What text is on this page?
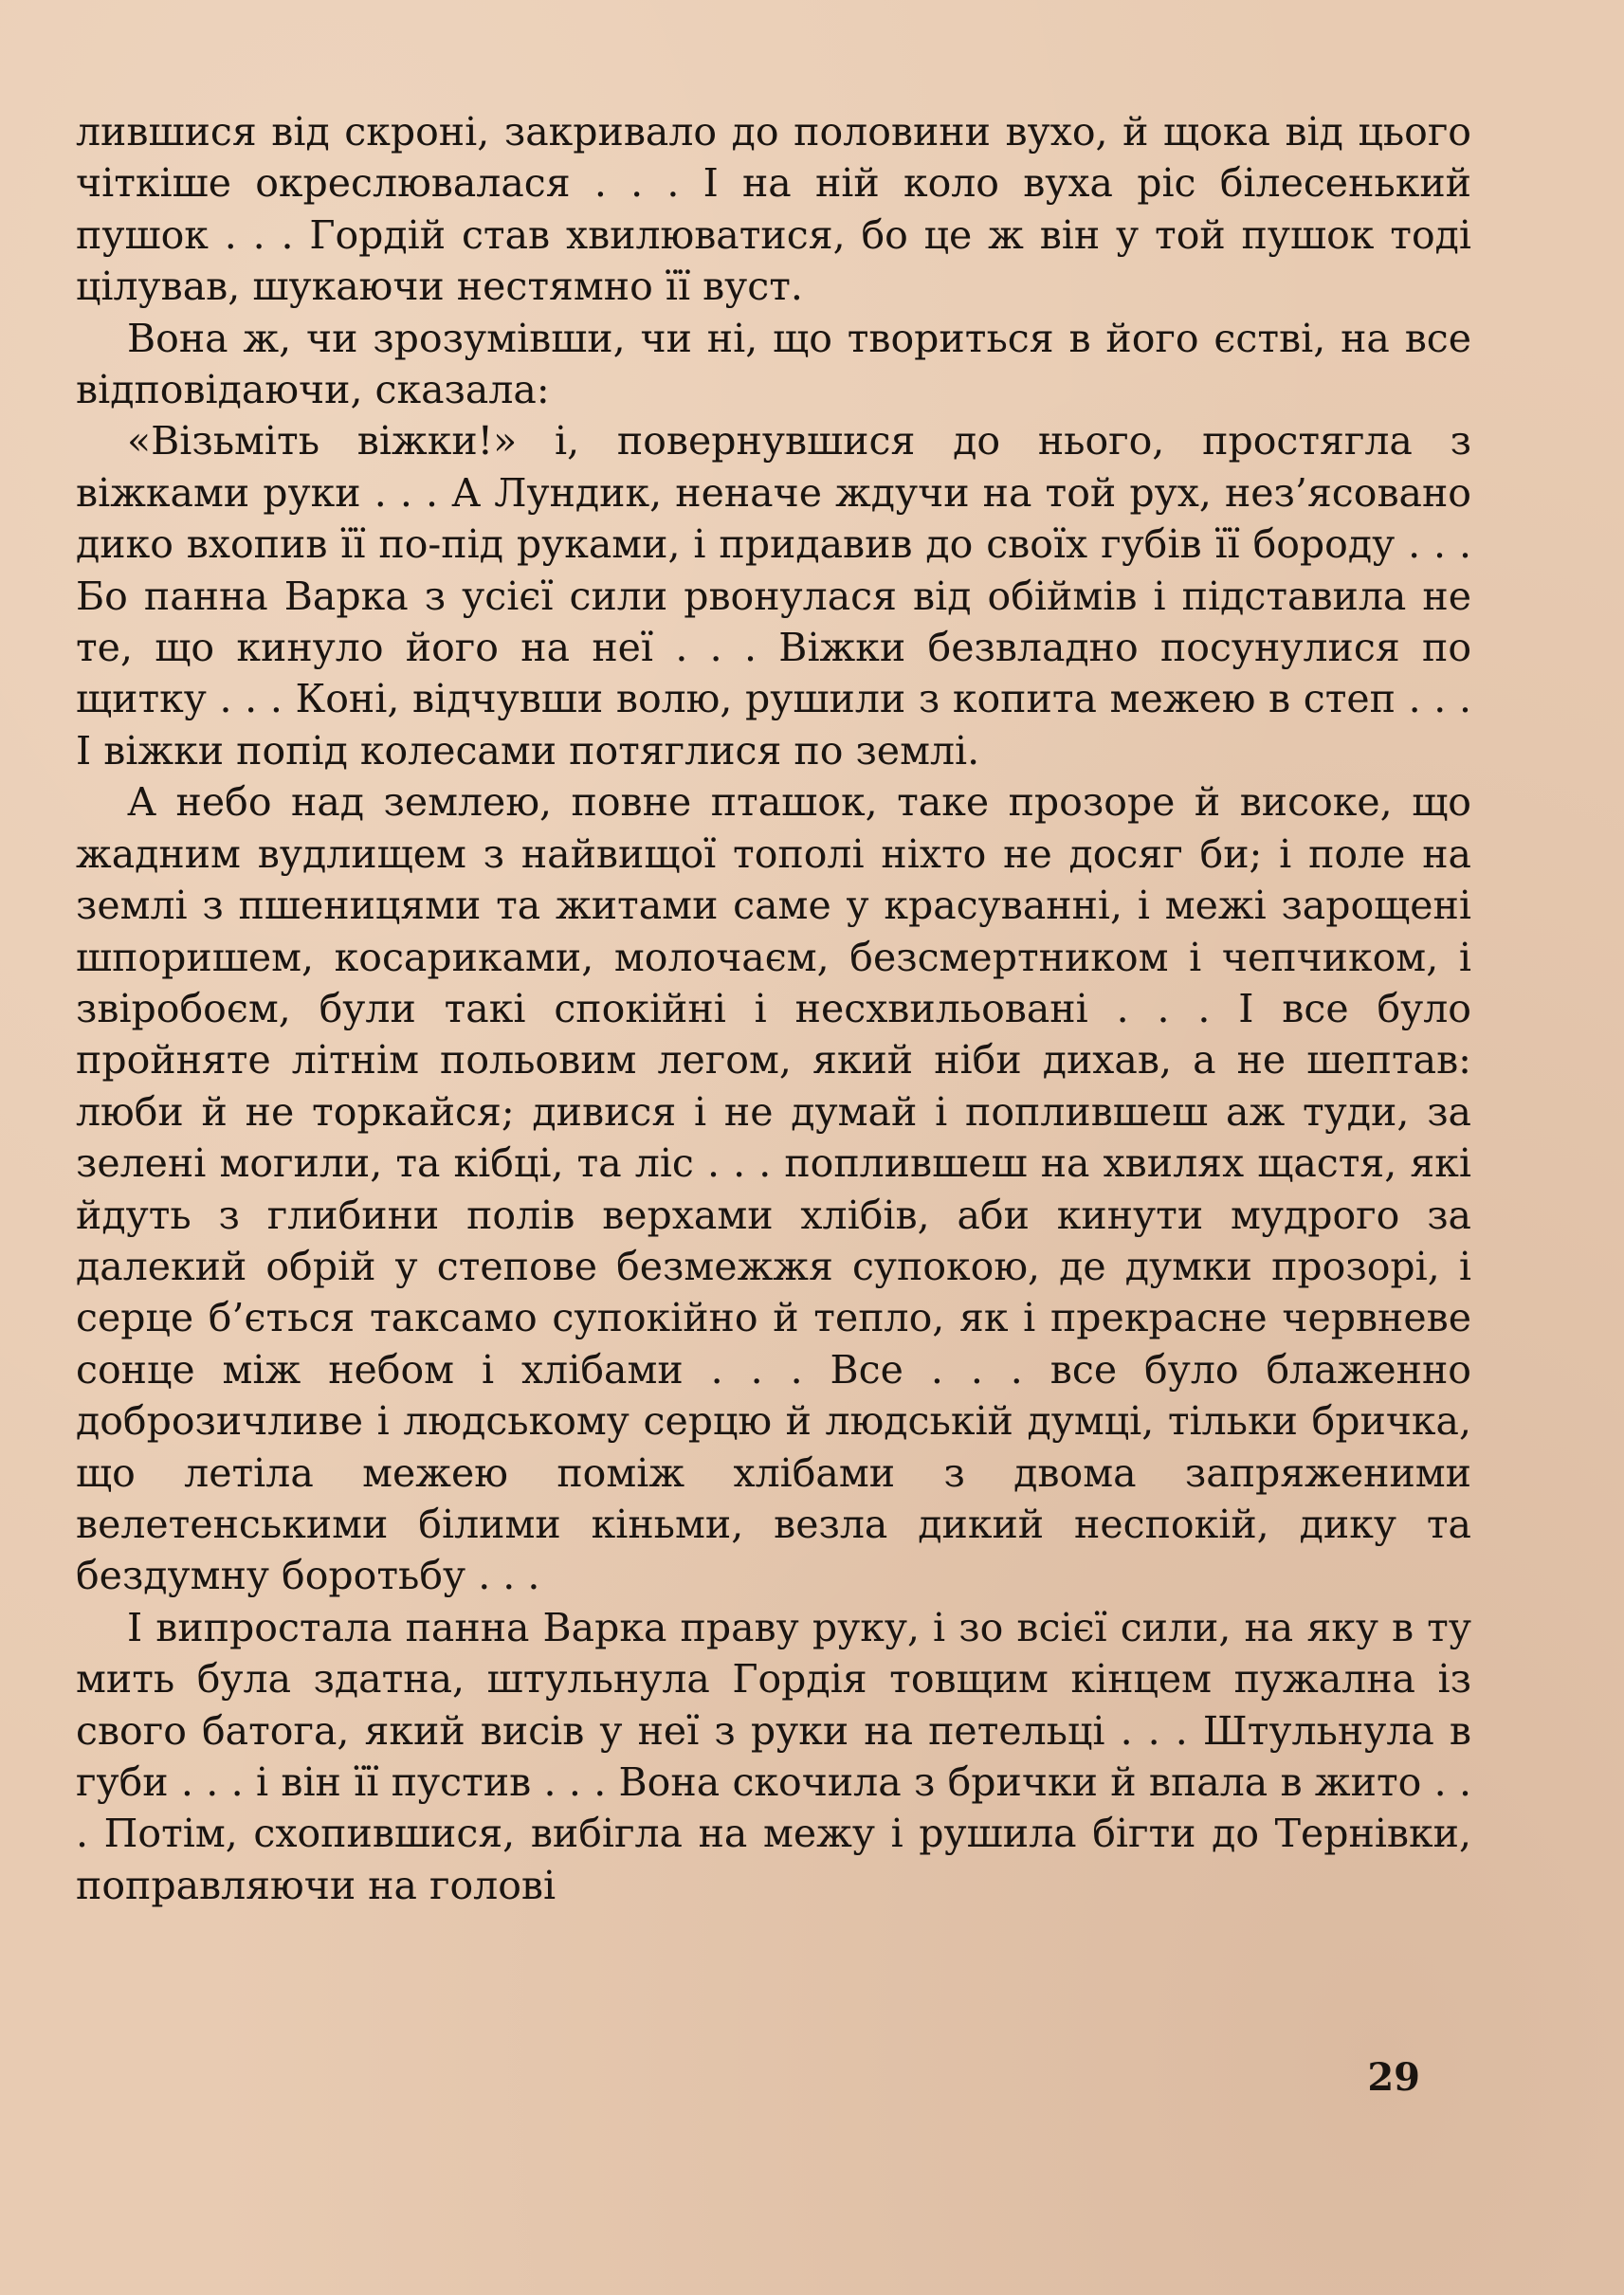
лившися від скроні, закривало до половини вухо, й щока від цього чіткіше окреслювалася . . . І на ній коло вуха ріс білесенький пушок . . . Гордій став хвилюватися, бо це ж він у той пушок тоді цілував, шукаючи нестямно її вуст.

Вона ж, чи зрозумівши, чи ні, що твориться в його єстві, на все відповідаючи, сказала:

«Візьміть віжки!» і, повернувшися до нього, простягла з віжками руки . . . А Лундик, неначе ждучи на той рух, нез’ясовано дико вхопив її по-під руками, і придавив до своїх губів її бороду . . . Бо панна Варка з усієї сили рвонулася від обіймів і підставила не те, що кинуло його на неї . . . Віжки безвладно посунулися по щитку . . . Коні, відчувши волю, рушили з копита межею в степ . . . І віжки попід колесами потяглися по землі.

А небо над землею, повне пташок, таке прозоре й високе, що жадним вудлищем з найвищої тополі ніхто не досяг би; і поле на землі з пшеницями та житами саме у красуванні, і межі зарощені шпоришем, косариками, молочаєм, безсмертником і чепчиком, і звіробоєм, були такі спокійні і несхвильовані . . . І все було пройняте літнім польовим легом, який ніби дихав, а не шептав: люби й не торкайся; дивися і не думай і поплившеш аж туди, за зелені могили, та кібці, та ліс . . . поплившеш на хвилях щастя, які йдуть з глибини полів верхами хлібів, аби кинути мудрого за далекий обрій у степове безмежжя супокою, де думки прозорі, і серце б’ється таксамо супокійно й тепло, як і прекрасне червневе сонце між небом і хлібами . . . Все . . . все було блаженно доброзичливе і людському серцю й людській думці, тільки бричка, що летіла межею поміж хлібами з двома запряженими велетенськими білими кіньми, везла дикий неспокій, дику та бездумну боротьбу . . .

І випростала панна Варка праву руку, і зо всієї сили, на яку в ту мить була здатна, штульнула Гордія товщим кінцем пужална із свого батога, який висів у неї з руки на петельці . . . Штульнула в губи . . . і він її пустив . . . Вона скочила з брички й впала в жито . . . Потім, схопившися, вибігла на межу і рушила бігти до Тернівки, поправляючи на голові

29
